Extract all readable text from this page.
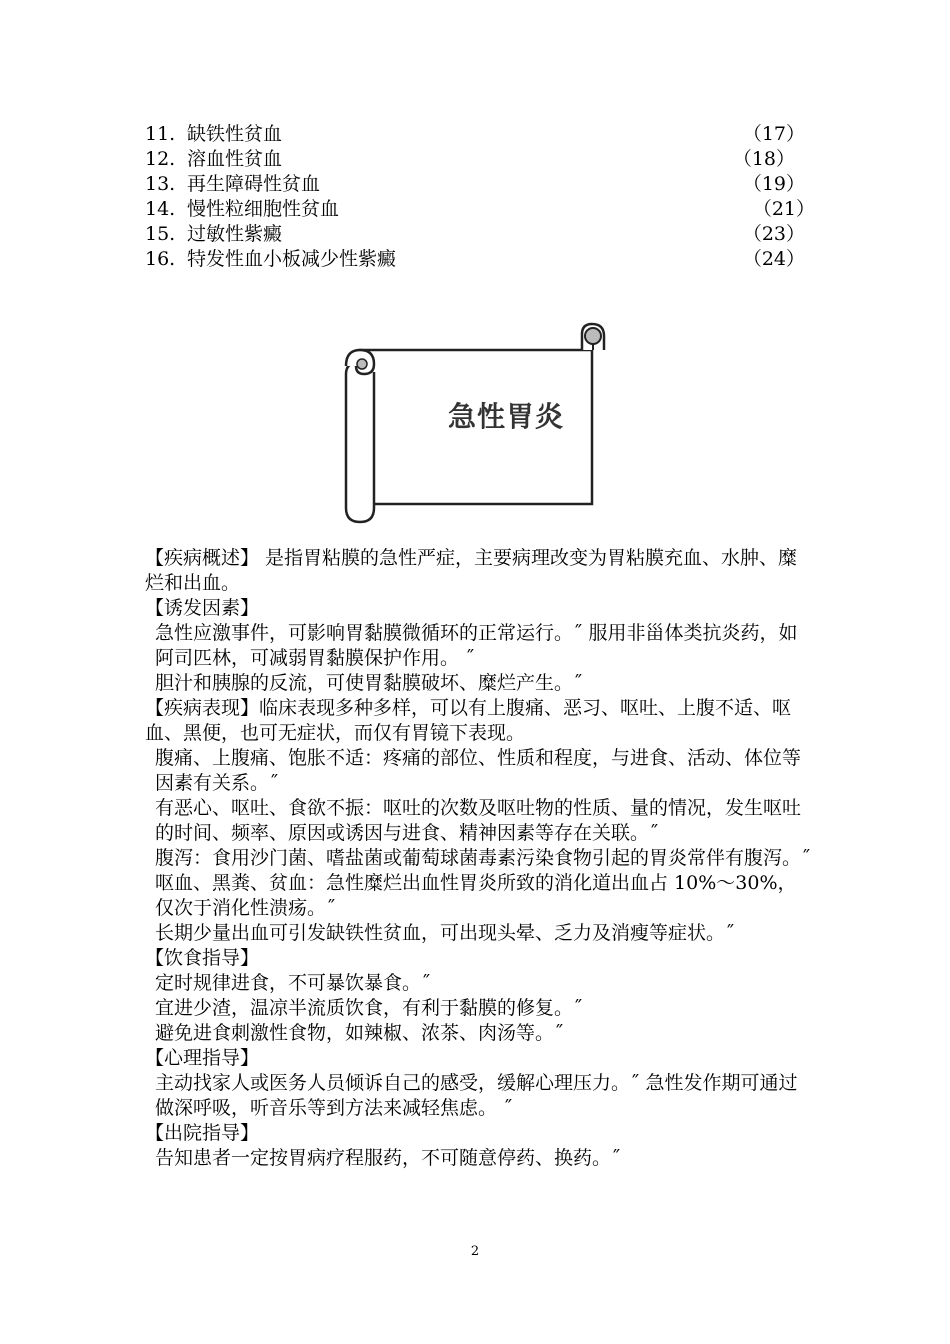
11. 缺铁性贫血	（17）
12. 溶血性贫血	（18）
13. 再生障碍性贫血	（19）
14. 慢性粒细胞性贫血	（21）
15. 过敏性紫癜	（23）
16. 特发性血小板减少性紫癜	（24）
急性胃炎

【疾病概述】 是指胃粘膜的急性严症，主要病理改变为胃粘膜充血、水肿、糜烂和出血。

【诱发因素】

急性应激事件，可影响胃黏膜微循环的正常运行。˝ 服用非甾体类抗炎药，如阿司匹林，可减弱胃黏膜保护作用。 ˝

胆汁和胰腺的反流，可使胃黏膜破坏、糜烂产生。˝

【疾病表现】临床表现多种多样，可以有上腹痛、恶习、呕吐、上腹不适、呕血、黑便，也可无症状，而仅有胃镜下表现。

腹痛、上腹痛、饱胀不适：疼痛的部位、性质和程度，与进食、活动、体位等因素有关系。˝

有恶心、呕吐、食欲不振：呕吐的次数及呕吐物的性质、量的情况，发生呕吐的时间、频率、原因或诱因与进食、精神因素等存在关联。˝

腹泻：食用沙门菌、嗜盐菌或葡萄球菌毒素污染食物引起的胃炎常伴有腹泻。˝

呕血、黑粪、贫血：急性糜烂出血性胃炎所致的消化道出血占 10%～30%，仅次于消化性溃疡。˝

长期少量出血可引发缺铁性贫血，可出现头晕、乏力及消瘦等症状。˝

【饮食指导】

定时规律进食，不可暴饮暴食。˝

宜进少渣，温凉半流质饮食，有利于黏膜的修复。˝

避免进食刺激性食物，如辣椒、浓茶、肉汤等。˝

【心理指导】

主动找家人或医务人员倾诉自己的感受，缓解心理压力。˝ 急性发作期可通过做深呼吸，听音乐等到方法来减轻焦虑。 ˝

【出院指导】

告知患者一定按胃病疗程服药，不可随意停药、换药。˝

2
